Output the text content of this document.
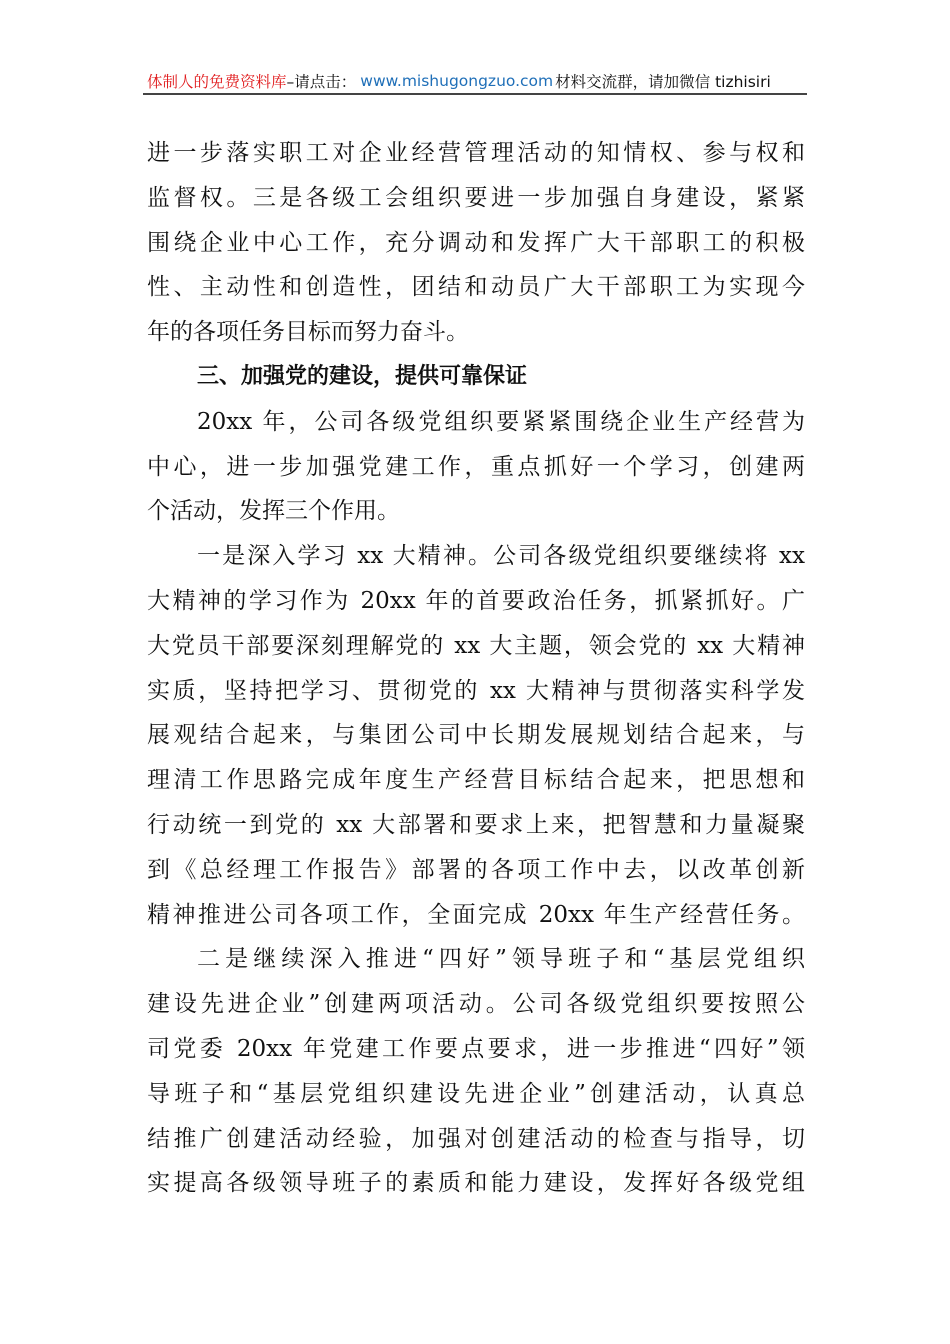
体制人的免费资料库 –请点击： www.mishugongzuo.com 材料交流群，请加微信 tizhisiri
进一步落实职工对企业经营管理活动的知情权、参与权和
监督权。三是各级工会组织要进一步加强自身建设，紧紧
围绕企业中心工作，充分调动和发挥广大干部职工的积极
性、主动性和创造性，团结和动员广大干部职工为实现今
年的各项任务目标而努力奋斗。
三、加强党的建设，提供可靠保证
20xx 年，公司各级党组织要紧紧围绕企业生产经营为
中心，进一步加强党建工作，重点抓好一个学习，创建两
个活动，发挥三个作用。
一是深入学习 xx 大精神。公司各级党组织要继续将 xx
大精神的学习作为 20xx 年的首要政治任务，抓紧抓好。广
大党员干部要深刻理解党的 xx 大主题，领会党的 xx 大精神
实质，坚持把学习、贯彻党的 xx 大精神与贯彻落实科学发
展观结合起来，与集团公司中长期发展规划结合起来，与
理清工作思路完成年度生产经营目标结合起来，把思想和
行动统一到党的 xx 大部署和要求上来，把智慧和力量凝聚
到《总经理工作报告》部署的各项工作中去，以改革创新
精神推进公司各项工作，全面完成 20xx 年生产经营任务。
二是继续深入推进“四好”领导班子和“基层党组织
建设先进企业”创建两项活动。公司各级党组织要按照公
司党委 20xx 年党建工作要点要求，进一步推进“四好”领
导班子和“基层党组织建设先进企业”创建活动，认真总
结推广创建活动经验，加强对创建活动的检查与指导，切
实提高各级领导班子的素质和能力建设，发挥好各级党组
